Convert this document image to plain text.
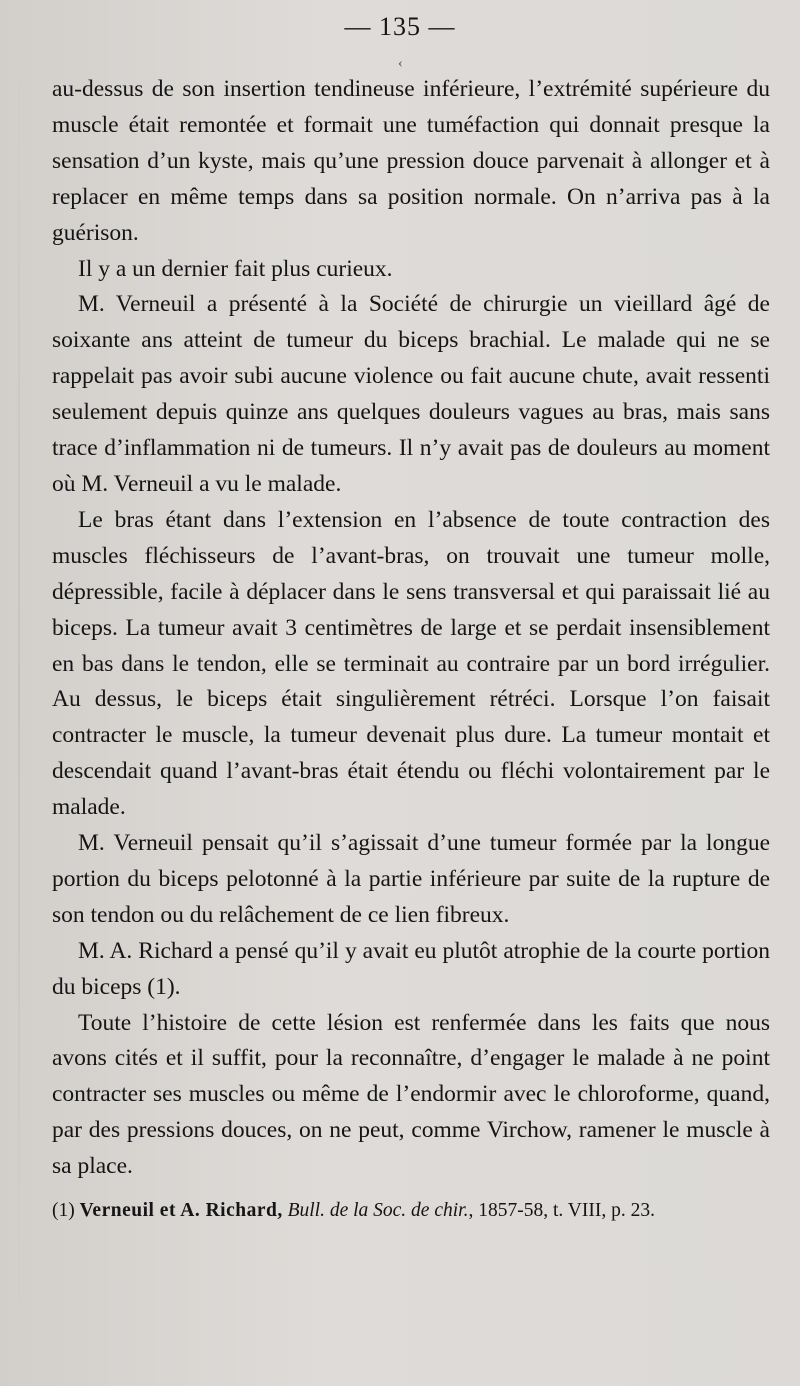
— 135 —
‹

au-dessus de son insertion tendineuse inférieure, l’extrémité supérieure du muscle était remontée et formait une tuméfaction qui donnait presque la sensation d’un kyste, mais qu’une pression douce parvenait à allonger et à replacer en même temps dans sa position normale. On n’arriva pas à la guérison.

Il y a un dernier fait plus curieux.

M. Verneuil a présenté à la Société de chirurgie un vieillard âgé de soixante ans atteint de tumeur du biceps brachial. Le malade qui ne se rappelait pas avoir subi aucune violence ou fait aucune chute, avait ressenti seulement depuis quinze ans quelques douleurs vagues au bras, mais sans trace d’inflammation ni de tumeurs. Il n’y avait pas de douleurs au moment où M. Verneuil a vu le malade.

Le bras étant dans l’extension en l’absence de toute contraction des muscles fléchisseurs de l’avant-bras, on trouvait une tumeur molle, dépressible, facile à déplacer dans le sens transversal et qui paraissait lié au biceps. La tumeur avait 3 centimètres de large et se perdait insensiblement en bas dans le tendon, elle se terminait au contraire par un bord irrégulier. Au dessus, le biceps était singulièrement rétréci. Lorsque l’on faisait contracter le muscle, la tumeur devenait plus dure. La tumeur montait et descendait quand l’avant-bras était étendu ou fléchi volontairement par le malade.

M. Verneuil pensait qu’il s’agissait d’une tumeur formée par la longue portion du biceps pelotonné à la partie inférieure par suite de la rupture de son tendon ou du relâchement de ce lien fibreux.

M. A. Richard a pensé qu’il y avait eu plutôt atrophie de la courte portion du biceps (1).

Toute l’histoire de cette lésion est renfermée dans les faits que nous avons cités et il suffit, pour la reconnaître, d’engager le malade à ne point contracter ses muscles ou même de l’endormir avec le chloroforme, quand, par des pressions douces, on ne peut, comme Virchow, ramener le muscle à sa place.

(1) Verneuil et A. Richard, Bull. de la Soc. de chir., 1857-58, t. VIII, p. 23.
